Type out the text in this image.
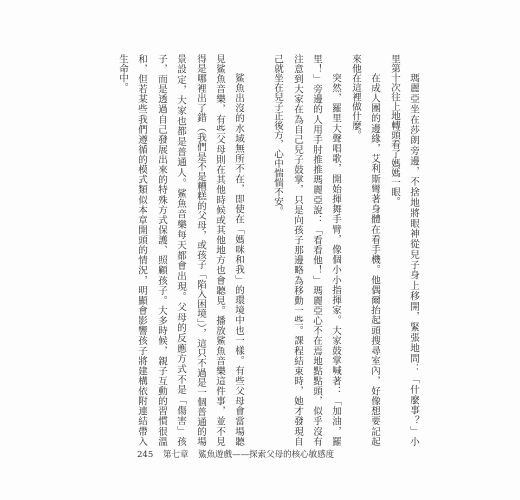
瑪麗亞坐在莎朗旁邊，不捨地將眼神從兒子身上移開，緊張地問：「什麼事？」小
里第十次往上地轉頭看了媽媽一眼。
在成人團的邊緣，艾利斯彎著身體在看手機。他偶爾抬起頭搜尋室內，好像想要記起
來他在這裡做什麼。
突然，羅里大聲唱歌，開始揮舞手臂，像個小小指揮家。大家鼓掌喊著：「加油，羅
里！」旁邊的人用手肘推推瑪麗亞說：「看看他！」瑪麗亞心不在焉地點點頭，似乎沒有
注意到大家在為自己兒子鼓掌，只是向孩子那邊略為移動一些。課程結束時，她才發現自
己就坐在兒子正後方，心中惴惴不安。
鯊魚出沒的水域無所不在，即使在「媽咪和我」的環境中也一樣。有些父母會當場聽
見鯊魚音樂，有些父母則在其他時候或其他地方也會聽見。播放鯊魚音樂這件事，並不見
得是哪裡出了錯（我們是不是糟糕的父母，或孩子「陷入困境」），這只不過是一個普通的場
景設定，大家也都是普通人。鯊魚音樂每天都會出現。父母的反應方式不是「傷害」孩
子，而是透過自己發展出來的特殊方式保護、照顧孩子。大多時候，親子互動的習慣很溫
和，但若某些我們遵循的模式類似本章開頭的情況，明顯會影響孩子將建構依附連結帶入
生命中。
245 第七章 鯊魚遊戲——探索父母的核心敏感度
